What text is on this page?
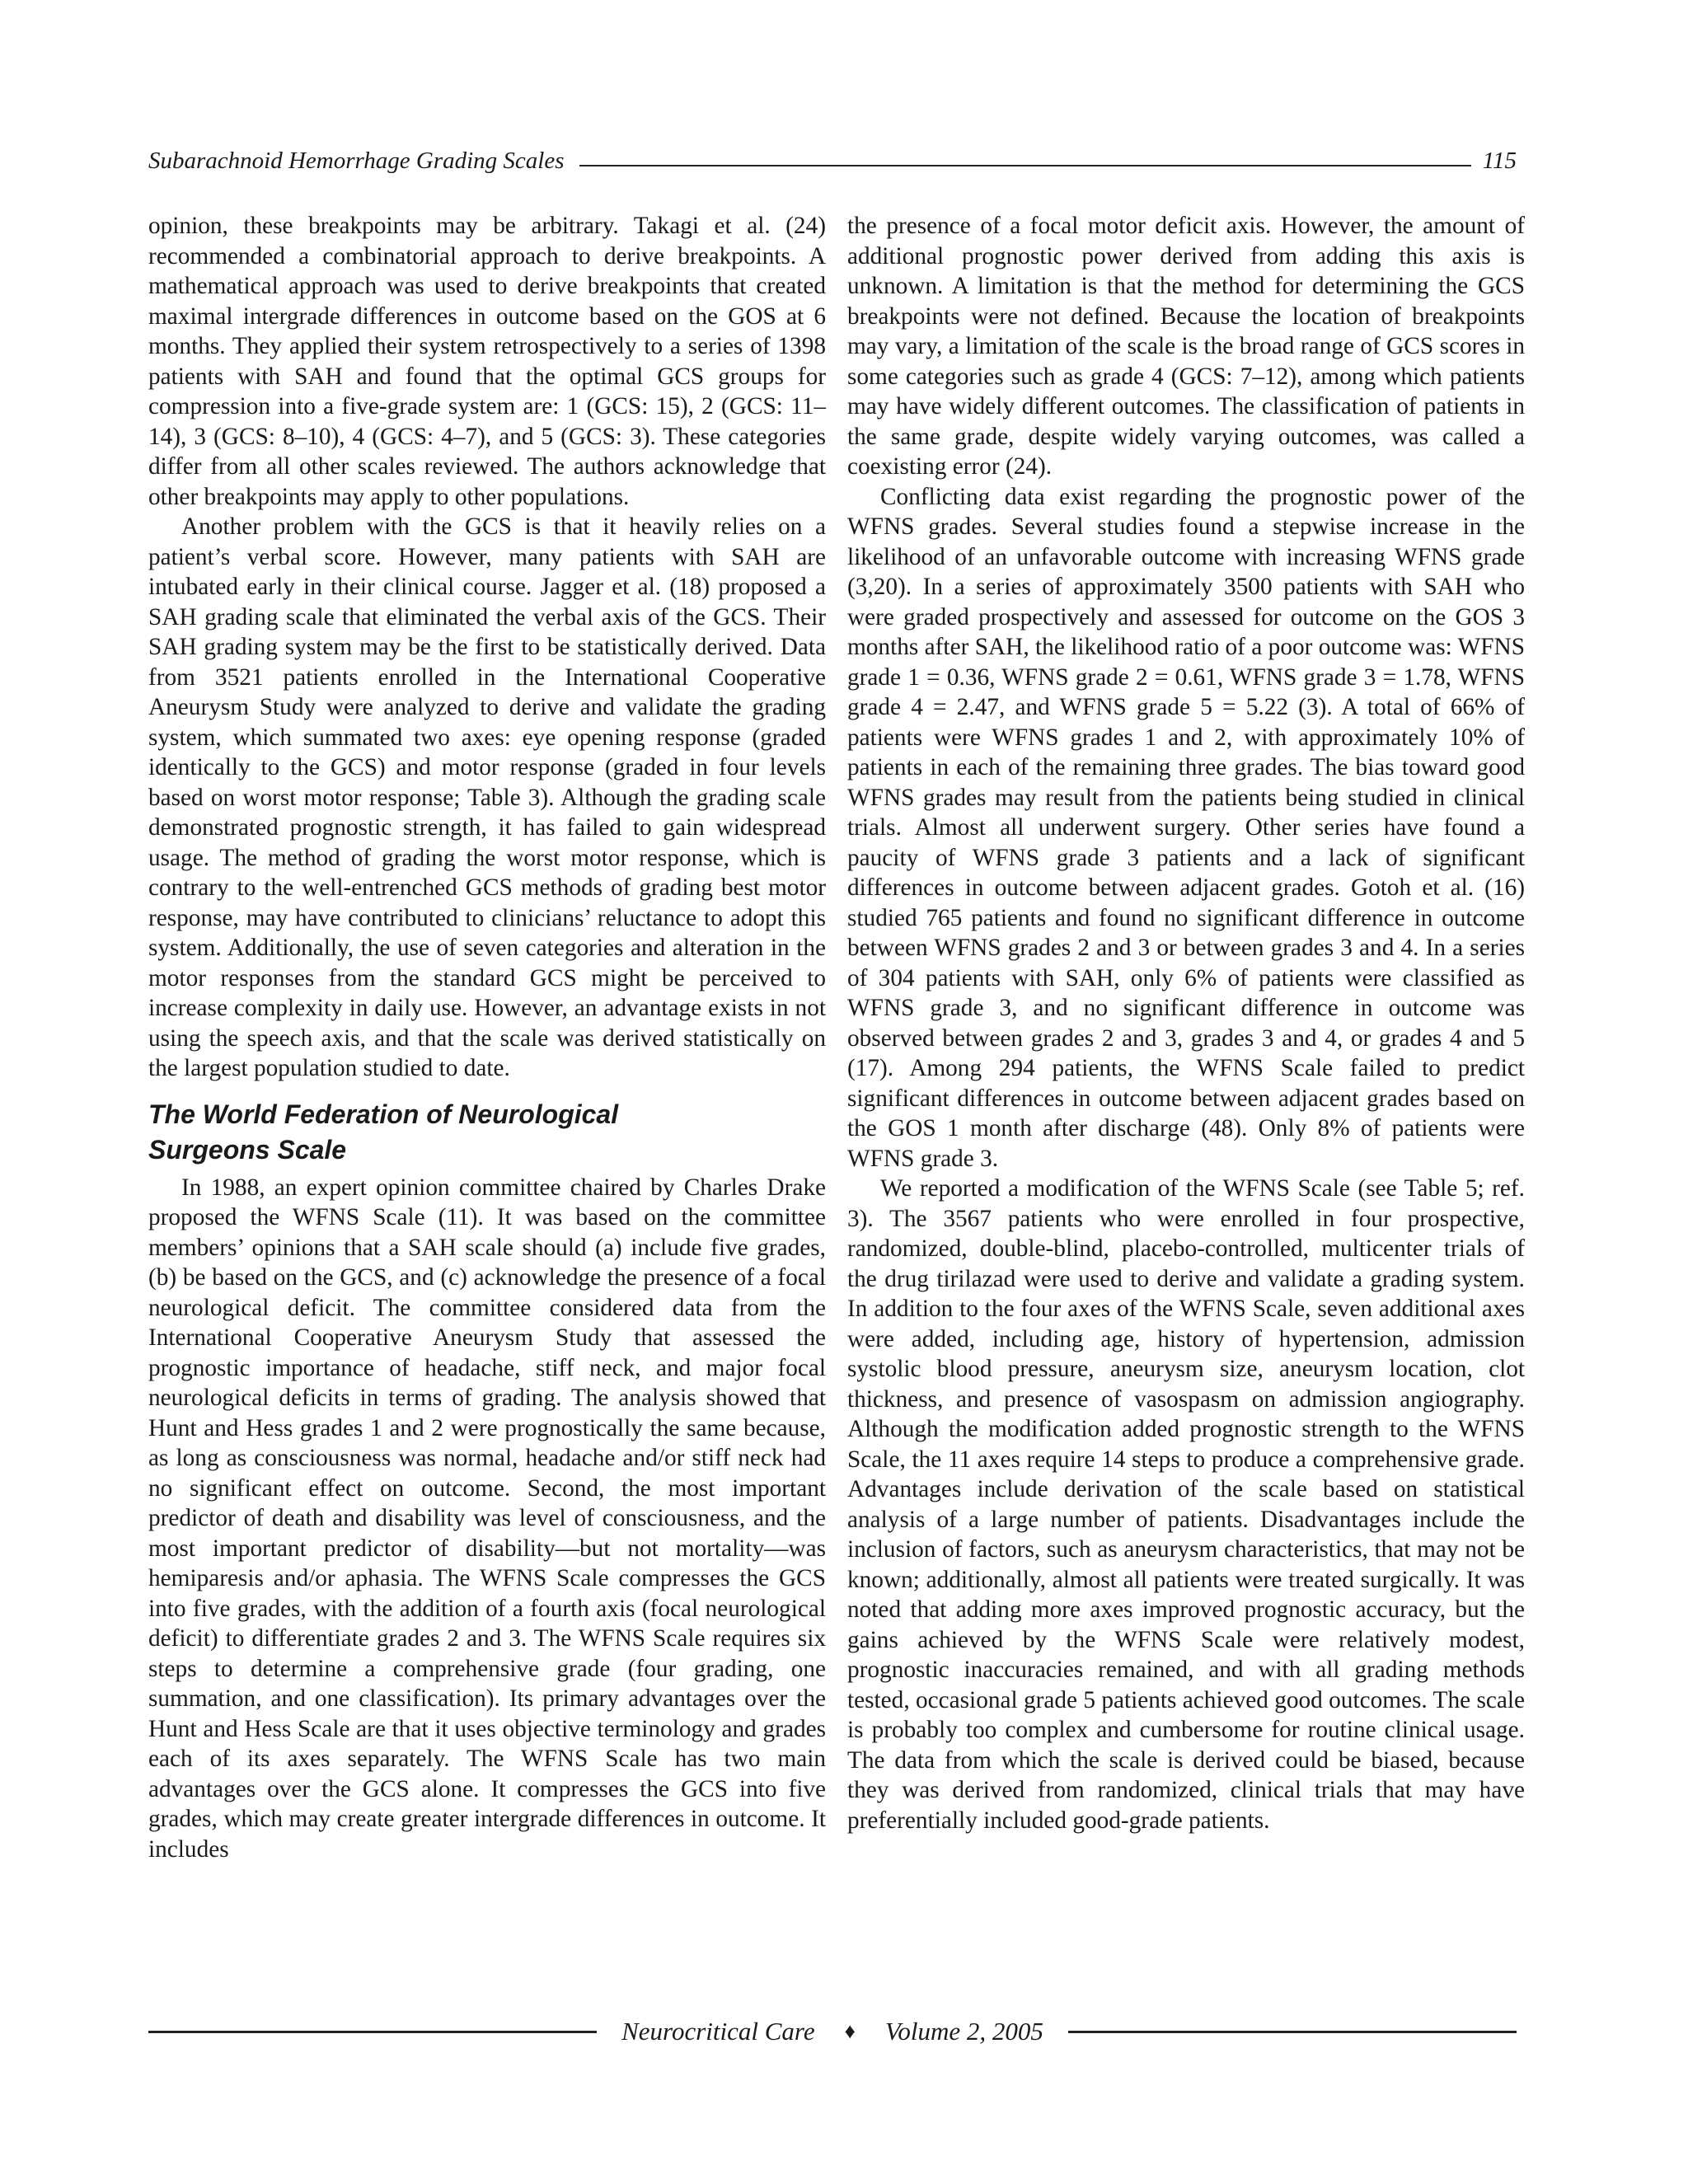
Subarachnoid Hemorrhage Grading Scales	115

opinion, these breakpoints may be arbitrary. Takagi et al. (24) recommended a combinatorial approach to derive breakpoints. A mathematical approach was used to derive breakpoints that created maximal intergrade differences in outcome based on the GOS at 6 months. They applied their system retrospectively to a series of 1398 patients with SAH and found that the optimal GCS groups for compression into a five-grade system are: 1 (GCS: 15), 2 (GCS: 11–14), 3 (GCS: 8–10), 4 (GCS: 4–7), and 5 (GCS: 3). These categories differ from all other scales reviewed. The authors acknowledge that other breakpoints may apply to other populations.

Another problem with the GCS is that it heavily relies on a patient’s verbal score. However, many patients with SAH are intubated early in their clinical course. Jagger et al. (18) proposed a SAH grading scale that eliminated the verbal axis of the GCS. Their SAH grading system may be the first to be statistically derived. Data from 3521 patients enrolled in the International Cooperative Aneurysm Study were analyzed to derive and validate the grading system, which summated two axes: eye opening response (graded identically to the GCS) and motor response (graded in four levels based on worst motor response; Table 3). Although the grading scale demonstrated prognostic strength, it has failed to gain widespread usage. The method of grading the worst motor response, which is contrary to the well-entrenched GCS methods of grading best motor response, may have contributed to clinicians’ reluctance to adopt this system. Additionally, the use of seven categories and alteration in the motor responses from the standard GCS might be perceived to increase complexity in daily use. However, an advantage exists in not using the speech axis, and that the scale was derived statistically on the largest population studied to date.

The World Federation of Neurological
Surgeons Scale

In 1988, an expert opinion committee chaired by Charles Drake proposed the WFNS Scale (11). It was based on the committee members’ opinions that a SAH scale should (a) include five grades, (b) be based on the GCS, and (c) acknowledge the presence of a focal neurological deficit. The committee considered data from the International Cooperative Aneurysm Study that assessed the prognostic importance of headache, stiff neck, and major focal neurological deficits in terms of grading. The analysis showed that Hunt and Hess grades 1 and 2 were prognostically the same because, as long as consciousness was normal, headache and/or stiff neck had no significant effect on outcome. Second, the most important predictor of death and disability was level of consciousness, and the most important predictor of disability—but not mortality—was hemiparesis and/or aphasia. The WFNS Scale compresses the GCS into five grades, with the addition of a fourth axis (focal neurological deficit) to differentiate grades 2 and 3. The WFNS Scale requires six steps to determine a comprehensive grade (four grading, one summation, and one classification). Its primary advantages over the Hunt and Hess Scale are that it uses objective terminology and grades each of its axes separately. The WFNS Scale has two main advantages over the GCS alone. It compresses the GCS into five grades, which may create greater intergrade differences in outcome. It includes

the presence of a focal motor deficit axis. However, the amount of additional prognostic power derived from adding this axis is unknown. A limitation is that the method for determining the GCS breakpoints were not defined. Because the location of breakpoints may vary, a limitation of the scale is the broad range of GCS scores in some categories such as grade 4 (GCS: 7–12), among which patients may have widely different outcomes. The classification of patients in the same grade, despite widely varying outcomes, was called a coexisting error (24).

Conflicting data exist regarding the prognostic power of the WFNS grades. Several studies found a stepwise increase in the likelihood of an unfavorable outcome with increasing WFNS grade (3,20). In a series of approximately 3500 patients with SAH who were graded prospectively and assessed for outcome on the GOS 3 months after SAH, the likelihood ratio of a poor outcome was: WFNS grade 1 = 0.36, WFNS grade 2 = 0.61, WFNS grade 3 = 1.78, WFNS grade 4 = 2.47, and WFNS grade 5 = 5.22 (3). A total of 66% of patients were WFNS grades 1 and 2, with approximately 10% of patients in each of the remaining three grades. The bias toward good WFNS grades may result from the patients being studied in clinical trials. Almost all underwent surgery. Other series have found a paucity of WFNS grade 3 patients and a lack of significant differences in outcome between adjacent grades. Gotoh et al. (16) studied 765 patients and found no significant difference in outcome between WFNS grades 2 and 3 or between grades 3 and 4. In a series of 304 patients with SAH, only 6% of patients were classified as WFNS grade 3, and no significant difference in outcome was observed between grades 2 and 3, grades 3 and 4, or grades 4 and 5 (17). Among 294 patients, the WFNS Scale failed to predict significant differences in outcome between adjacent grades based on the GOS 1 month after discharge (48). Only 8% of patients were WFNS grade 3.

We reported a modification of the WFNS Scale (see Table 5; ref. 3). The 3567 patients who were enrolled in four prospective, randomized, double-blind, placebo-controlled, multicenter trials of the drug tirilazad were used to derive and validate a grading system. In addition to the four axes of the WFNS Scale, seven additional axes were added, including age, history of hypertension, admission systolic blood pressure, aneurysm size, aneurysm location, clot thickness, and presence of vasospasm on admission angiography. Although the modification added prognostic strength to the WFNS Scale, the 11 axes require 14 steps to produce a comprehensive grade. Advantages include derivation of the scale based on statistical analysis of a large number of patients. Disadvantages include the inclusion of factors, such as aneurysm characteristics, that may not be known; additionally, almost all patients were treated surgically. It was noted that adding more axes improved prognostic accuracy, but the gains achieved by the WFNS Scale were relatively modest, prognostic inaccuracies remained, and with all grading methods tested, occasional grade 5 patients achieved good outcomes. The scale is probably too complex and cumbersome for routine clinical usage. The data from which the scale is derived could be biased, because they was derived from randomized, clinical trials that may have preferentially included good-grade patients.

Neurocritical Care ♦ Volume 2, 2005
